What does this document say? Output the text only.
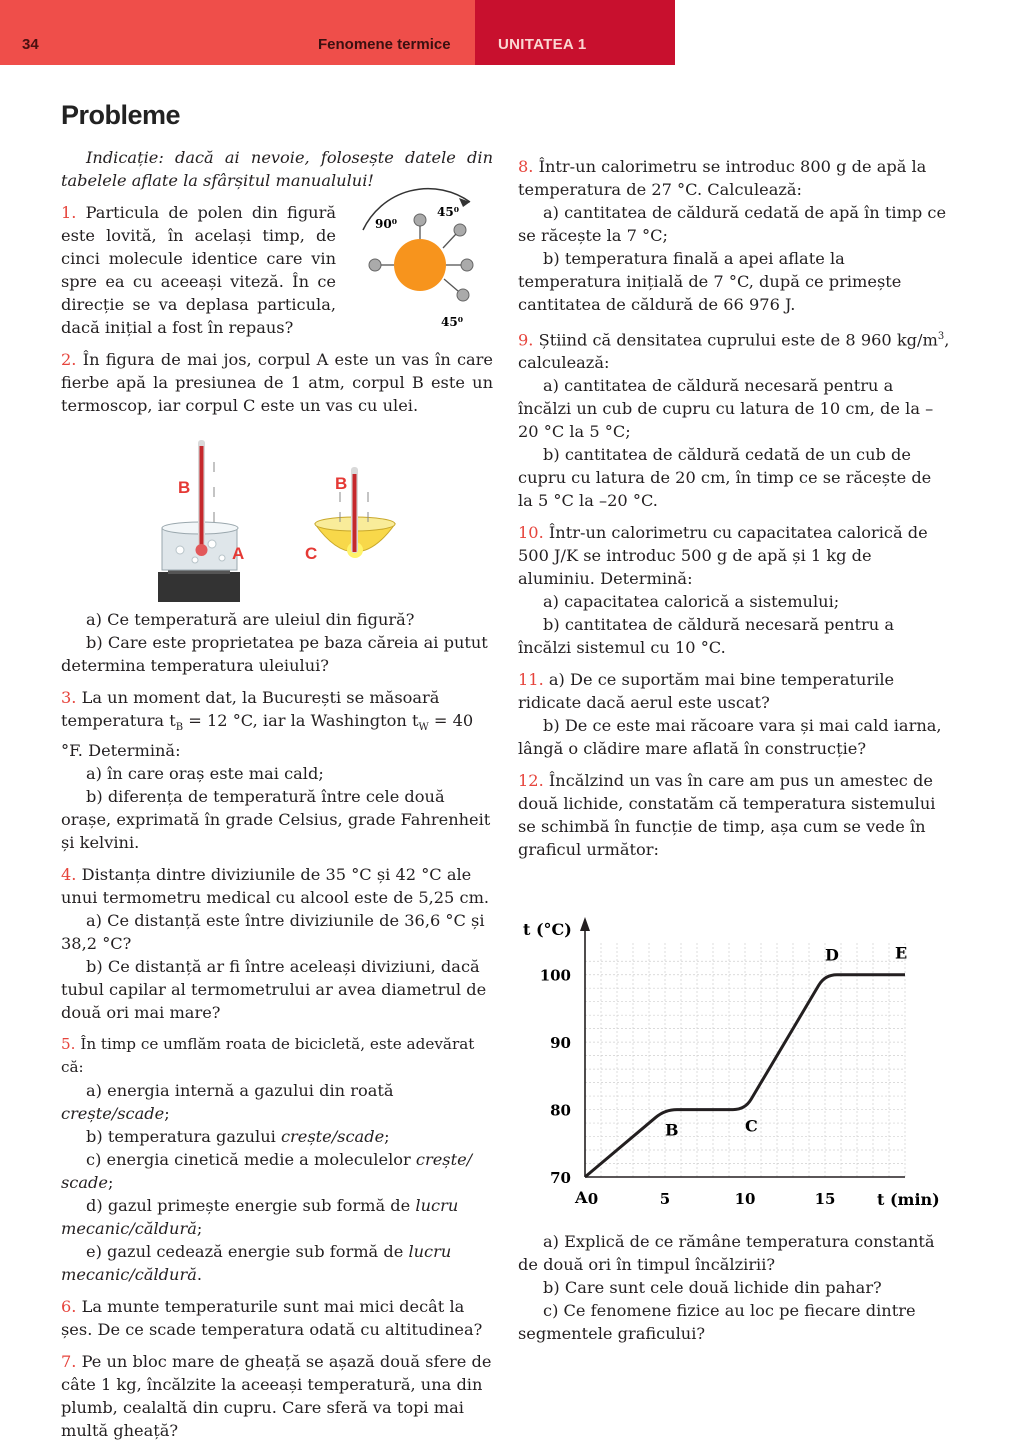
34	Fenomene termice	UNITATEA 1
Probleme

Indicație: dacă ai nevoie, folosește datele din tabelele aflate la sfârșitul manualului!

1. Particula de polen din figură este lovită, în același timp, de cinci molecule identice care vin spre ea cu aceeași viteză. În ce direcție se va deplasa particula, dacă inițial a fost în repaus?

2. În figura de mai jos, corpul A este un vas în care fierbe apă la presiunea de 1 atm, corpul B este un termoscop, iar corpul C este un vas cu ulei.

90⁰
45⁰
45⁰
B
A
B
C

a) Ce temperatură are uleiul din figură?

b) Care este proprietatea pe baza căreia ai putut determina temperatura uleiului?

3. La un moment dat, la București se măsoară temperatura $t_B = 12$ °C, iar la Washington $t_W = 40$ °F. Determină:

a) în care oraș este mai cald;

b) diferența de temperatură între cele două orașe, exprimată în grade Celsius, grade Fahrenheit și kelvini.

4. Distanța dintre diviziunile de 35 °C și 42 °C ale unui termometru medical cu alcool este de 5,25 cm.

a) Ce distanță este între diviziunile de 36,6 °C și 38,2 °C?

b) Ce distanță ar fi între aceleași diviziuni, dacă tubul capilar al termometrului ar avea diametrul de două ori mai mare?

5. În timp ce umflăm roata de bicicletă, este adevărat că:

a) energia internă a gazului din roată crește/scade;

b) temperatura gazului crește/scade;

c) energia cinetică medie a moleculelor crește/ scade;

d) gazul primește energie sub formă de lucru mecanic/căldură;

e) gazul cedează energie sub formă de lucru mecanic/căldură.

6. La munte temperaturile sunt mai mici decât la șes. De ce scade temperatura odată cu altitudinea?

7. Pe un bloc mare de gheață se așază două sfere de câte 1 kg, încălzite la aceeași temperatură, una din plumb, cealaltă din cupru. Care sferă va topi mai multă gheață?

8. Într-un calorimetru se introduc 800 g de apă la temperatura de 27 °C. Calculează:

a) cantitatea de căldură cedată de apă în timp ce se răcește la 7 °C;

b) temperatura finală a apei aflate la temperatura inițială de 7 °C, după ce primește cantitatea de căldură de 66 976 J.

9. Știind că densitatea cuprului este de 8 960 $kg/m^3$, calculează:

a) cantitatea de căldură necesară pentru a încălzi un cub de cupru cu latura de 10 cm, de la –20 °C la 5 °C;

b) cantitatea de căldură cedată de un cub de cupru cu latura de 20 cm, în timp ce se răcește de la 5 °C la –20 °C.

10. Într-un calorimetru cu capacitatea calorică de 500 J/K se introduc 500 g de apă și 1 kg de aluminiu. Determină:

a) capacitatea calorică a sistemului;

b) cantitatea de căldură necesară pentru a încălzi sistemul cu 10 °C.

11. a) De ce suportăm mai bine temperaturile ridicate dacă aerul este uscat?

b) De ce este mai răcoare vara și mai cald iarna, lângă o clădire mare aflată în construcție?

12. Încălzind un vas în care am pus un amestec de două lichide, constatăm că temperatura sistemului se schimbă în funcție de timp, așa cum se vede în graficul următor:

t (°C)
t (min)
70
80
90
100
0	5	10	15
A
B	C
D	E

a) Explică de ce rămâne temperatura constantă de două ori în timpul încălzirii?

b) Care sunt cele două lichide din pahar?

c) Ce fenomene fizice au loc pe fiecare dintre segmentele graficului?
